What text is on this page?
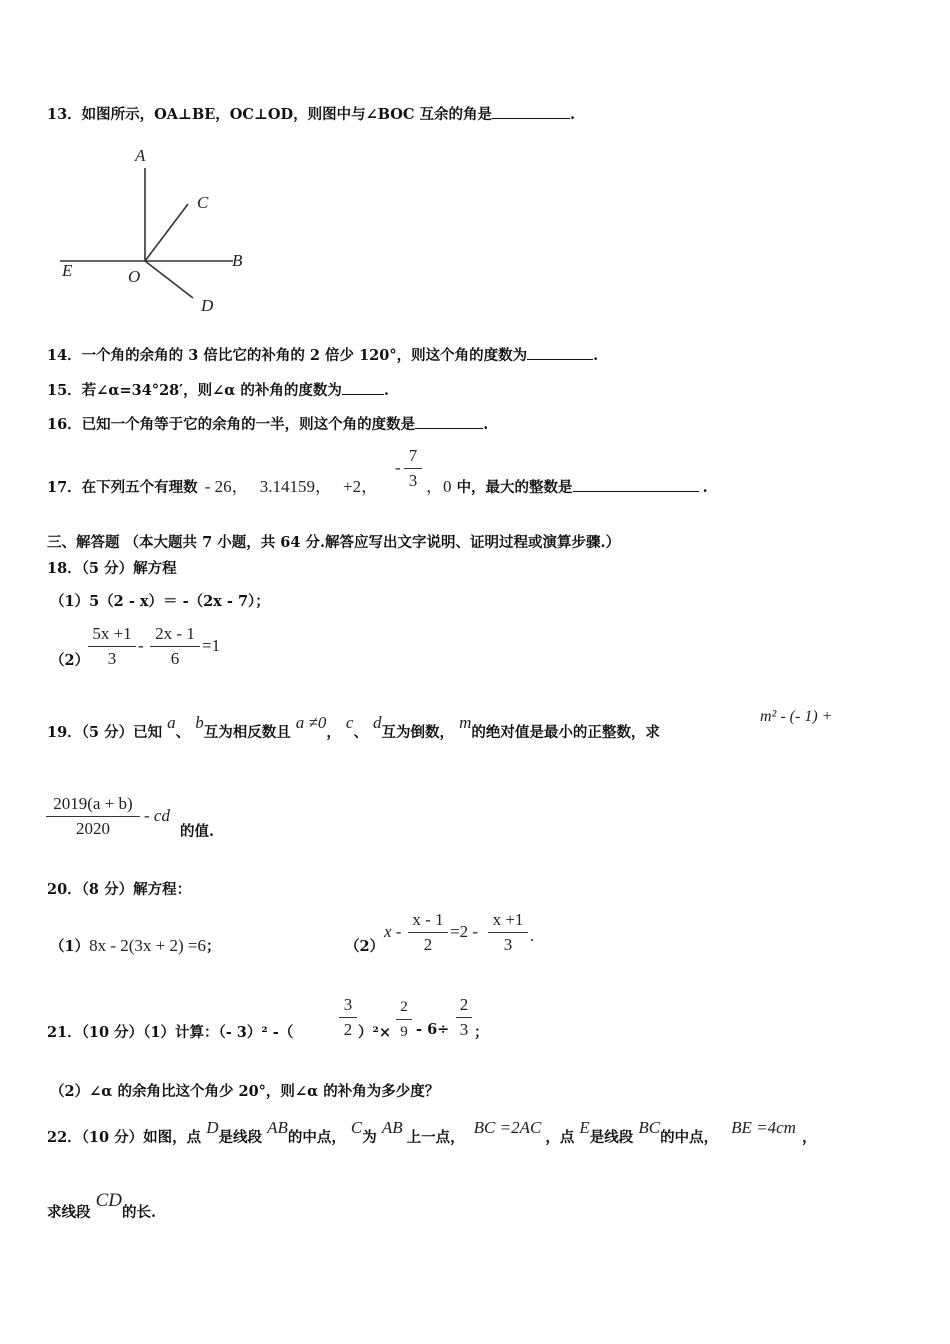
13．如图所示，OA⊥BE，OC⊥OD，则图中与∠BOC 互余的角是	.
A
C
B
E	O
D
14．一个角的余角的 3 倍比它的补角的 2 倍少 120°，则这个角的度数为	.
15．若∠α=34°28′，则∠α 的补角的度数为	.
16．已知一个角等于它的余角的一半，则这个角的度数是	.
17．在下列五个有理数 - 26， 3.14159， +2，
-
7
3 ，0 中，最大的整数是	.
三、解答题 （本大题共 7 小题，共 64 分.解答应写出文字说明、证明过程或演算步骤.）
18．（5 分）解方程
（1）5（2 - x）＝ -（2x - 7）；
（2）
5x +1
3
-
2x - 1
6
=1
19．（5 分）已知 a、 b互为相反数且 a ≠0， c、 d互为倒数， m的绝对值是最小的正整数，求
m² - (- 1) +
2019(a + b)
2020
- cd
的值.
20．（8 分）解方程：
（1）8x - 2(3x + 2) =6；	（2）
x -
x - 1
2
=2 -
x +1
3	.
21．（10 分）（1）计算：（- 3）² -（
3
2 ）²×
2
9 - 6÷
2
3 ；
（2）∠α 的余角比这个角少 20°，则∠α 的补角为多少度？
22．（10 分）如图，点 D是线段 AB的中点， C为 AB上一点， BC =2AC，点 E是线段 BC的中点， BE =4cm，
求线段 CD的长.
